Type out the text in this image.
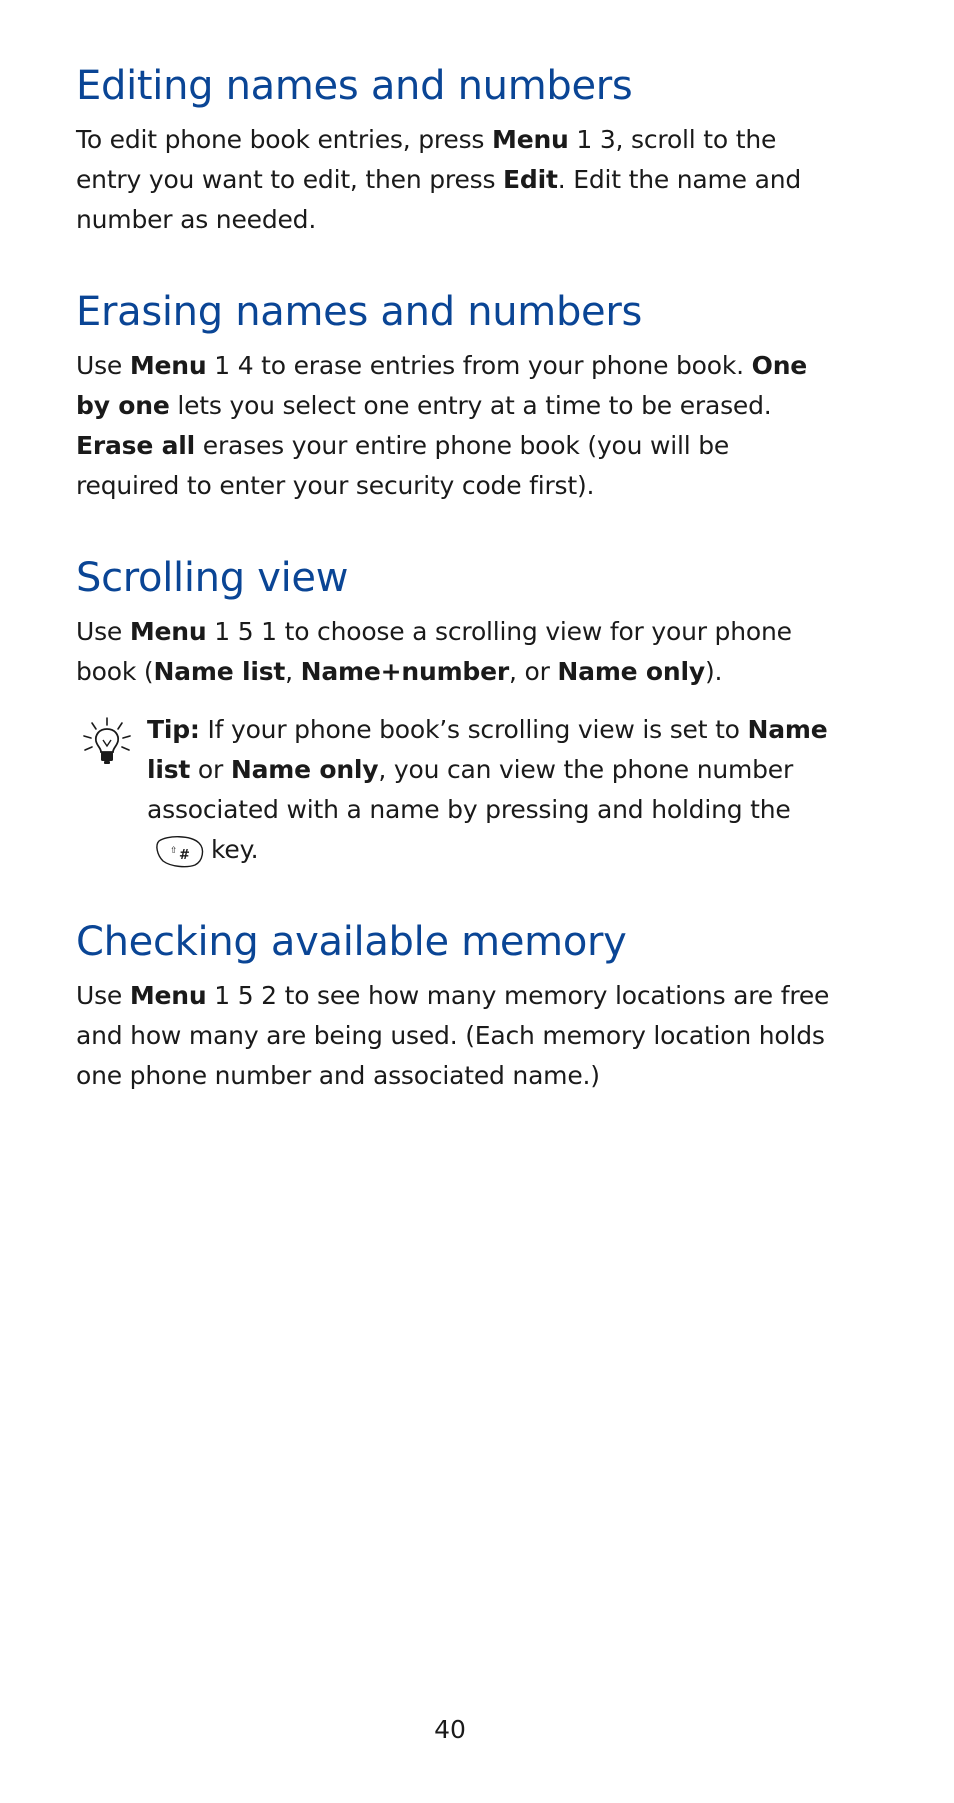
Editing names and numbers

To edit phone book entries, press Menu 1 3, scroll to the entry you want to edit, then press Edit. Edit the name and number as needed.

Erasing names and numbers

Use Menu 1 4 to erase entries from your phone book. One by one lets you select one entry at a time to be erased. Erase all erases your entire phone book (you will be required to enter your security code first).

Scrolling view

Use Menu 1 5 1 to choose a scrolling view for your phone book (Name list, Name+number, or Name only).

Tip: If your phone book’s scrolling view is set to Name list or Name only, you can view the phone number associated with a name by pressing and holding the
⇧ # key.
Checking available memory

Use Menu 1 5 2 to see how many memory locations are free and how many are being used. (Each memory location holds one phone number and associated name.)

40
